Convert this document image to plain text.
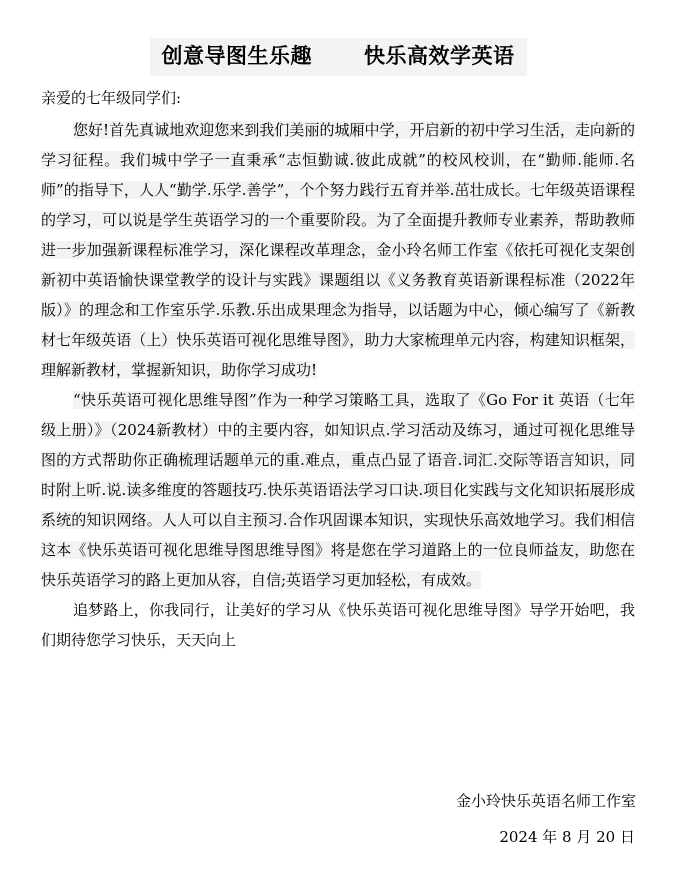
创意导图生乐趣 快乐高效学英语
亲爱的七年级同学们:

您好!首先真诚地欢迎您来到我们美丽的城厢中学，开启新的初中学习生活，走向新的学习征程。我们城中学子一直秉承“志恒勤诚.彼此成就”的校风校训，在“勤师.能师.名师”的指导下，人人“勤学.乐学.善学”，个个努力践行五育并举.茁壮成长。七年级英语课程的学习，可以说是学生英语学习的一个重要阶段。为了全面提升教师专业素养，帮助教师进一步加强新课程标准学习，深化课程改革理念，金小玲名师工作室《依托可视化支架创新初中英语愉快课堂教学的设计与实践》课题组以《义务教育英语新课程标准（2022年版）》的理念和工作室乐学.乐教.乐出成果理念为指导，以话题为中心，倾心编写了《新教材七年级英语（上）快乐英语可视化思维导图》，助力大家梳理单元内容，构建知识框架，理解新教材，掌握新知识，助你学习成功!

“快乐英语可视化思维导图”作为一种学习策略工具，选取了《Go For it 英语（七年级上册）》（2024新教材）中的主要内容，如知识点.学习活动及练习，通过可视化思维导图的方式帮助你正确梳理话题单元的重.难点，重点凸显了语音.词汇.交际等语言知识，同时附上听.说.读多维度的答题技巧.快乐英语语法学习口诀.项目化实践与文化知识拓展形成系统的知识网络。人人可以自主预习.合作巩固课本知识，实现快乐高效地学习。我们相信这本《快乐英语可视化思维导图思维导图》将是您在学习道路上的一位良师益友，助您在快乐英语学习的路上更加从容，自信;英语学习更加轻松，有成效。

追梦路上，你我同行，让美好的学习从《快乐英语可视化思维导图》导学开始吧，我们期待您学习快乐，天天向上

金小玲快乐英语名师工作室
2024 年 8 月 20 日
